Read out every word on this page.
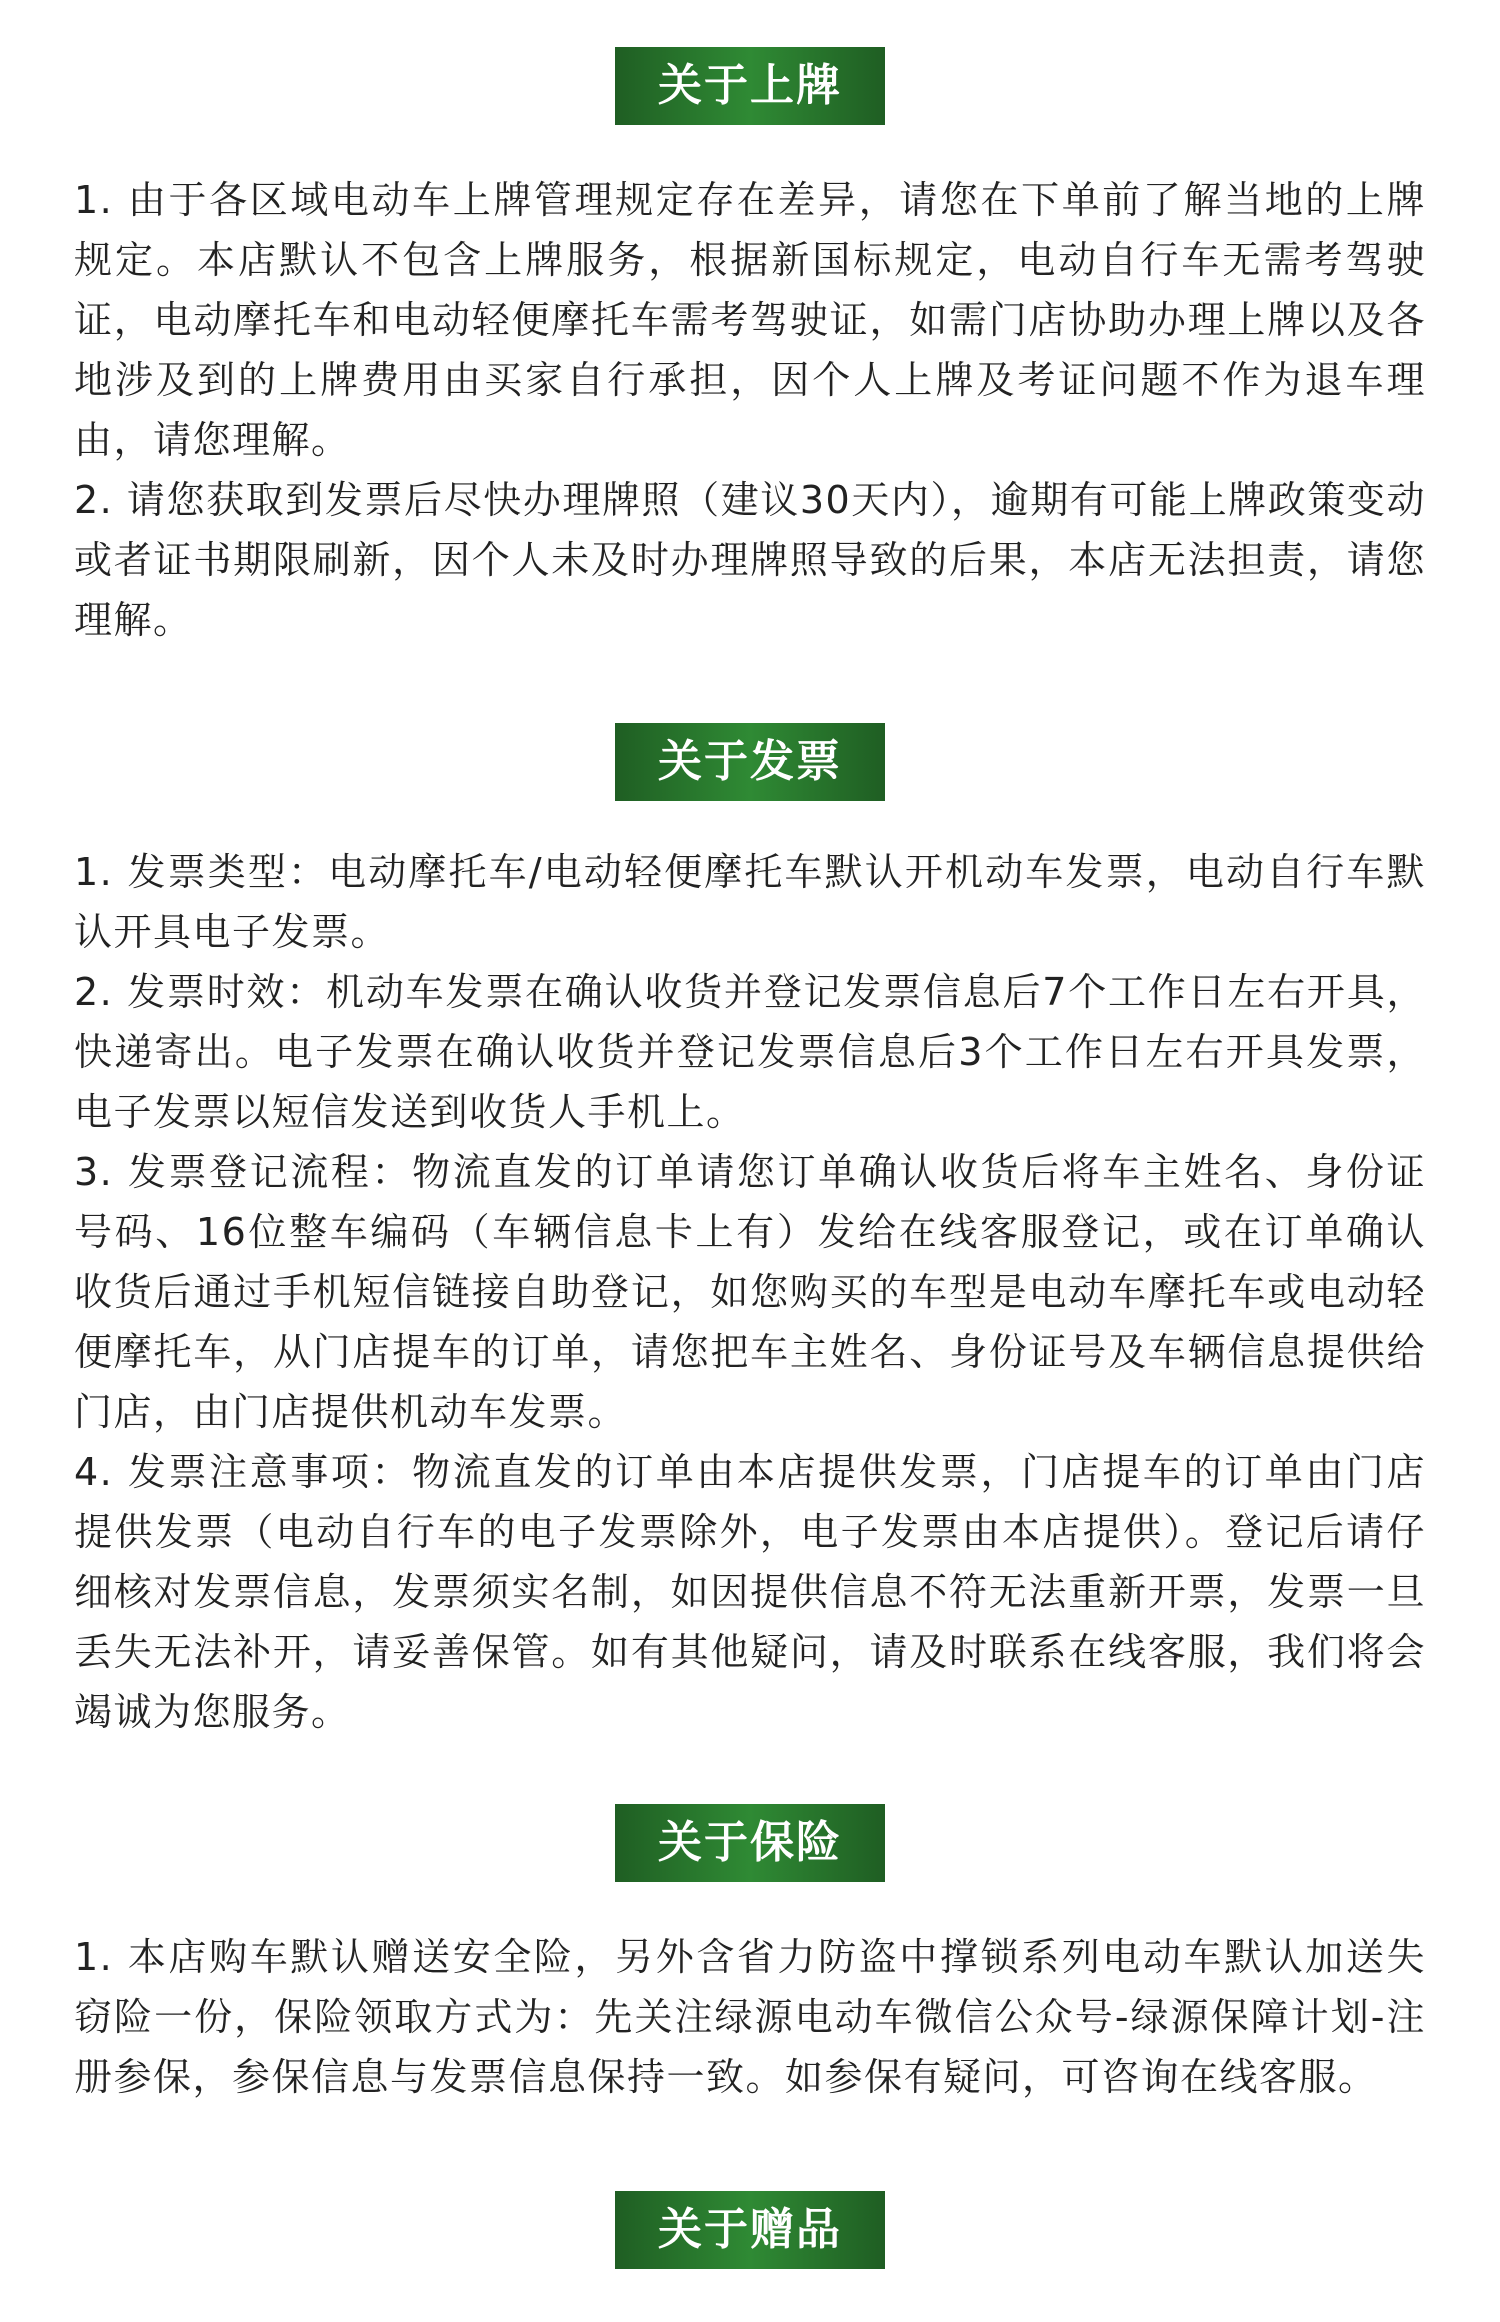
关于上牌

1. 由于各区域电动车上牌管理规定存在差异，请您在下单前了解当地的上牌规定。本店默认不包含上牌服务，根据新国标规定，电动自行车无需考驾驶证，电动摩托车和电动轻便摩托车需考驾驶证，如需门店协助办理上牌以及各地涉及到的上牌费用由买家自行承担，因个人上牌及考证问题不作为退车理由，请您理解。

2. 请您获取到发票后尽快办理牌照（建议30天内），逾期有可能上牌政策变动或者证书期限刷新，因个人未及时办理牌照导致的后果，本店无法担责，请您理解。

关于发票

1. 发票类型：电动摩托车/电动轻便摩托车默认开机动车发票，电动自行车默认开具电子发票。

2. 发票时效：机动车发票在确认收货并登记发票信息后7个工作日左右开具，快递寄出。电子发票在确认收货并登记发票信息后3个工作日左右开具发票，电子发票以短信发送到收货人手机上。

3. 发票登记流程：物流直发的订单请您订单确认收货后将车主姓名、身份证号码、16位整车编码（车辆信息卡上有）发给在线客服登记，或在订单确认收货后通过手机短信链接自助登记，如您购买的车型是电动车摩托车或电动轻便摩托车，从门店提车的订单，请您把车主姓名、身份证号及车辆信息提供给门店，由门店提供机动车发票。

4. 发票注意事项：物流直发的订单由本店提供发票，门店提车的订单由门店提供发票（电动自行车的电子发票除外，电子发票由本店提供）。登记后请仔细核对发票信息，发票须实名制，如因提供信息不符无法重新开票，发票一旦丢失无法补开，请妥善保管。如有其他疑问，请及时联系在线客服，我们将会竭诚为您服务。

关于保险

1. 本店购车默认赠送安全险，另外含省力防盗中撑锁系列电动车默认加送失窃险一份，保险领取方式为：先关注绿源电动车微信公众号-绿源保障计划-注册参保，参保信息与发票信息保持一致。如参保有疑问，可咨询在线客服。

关于赠品
